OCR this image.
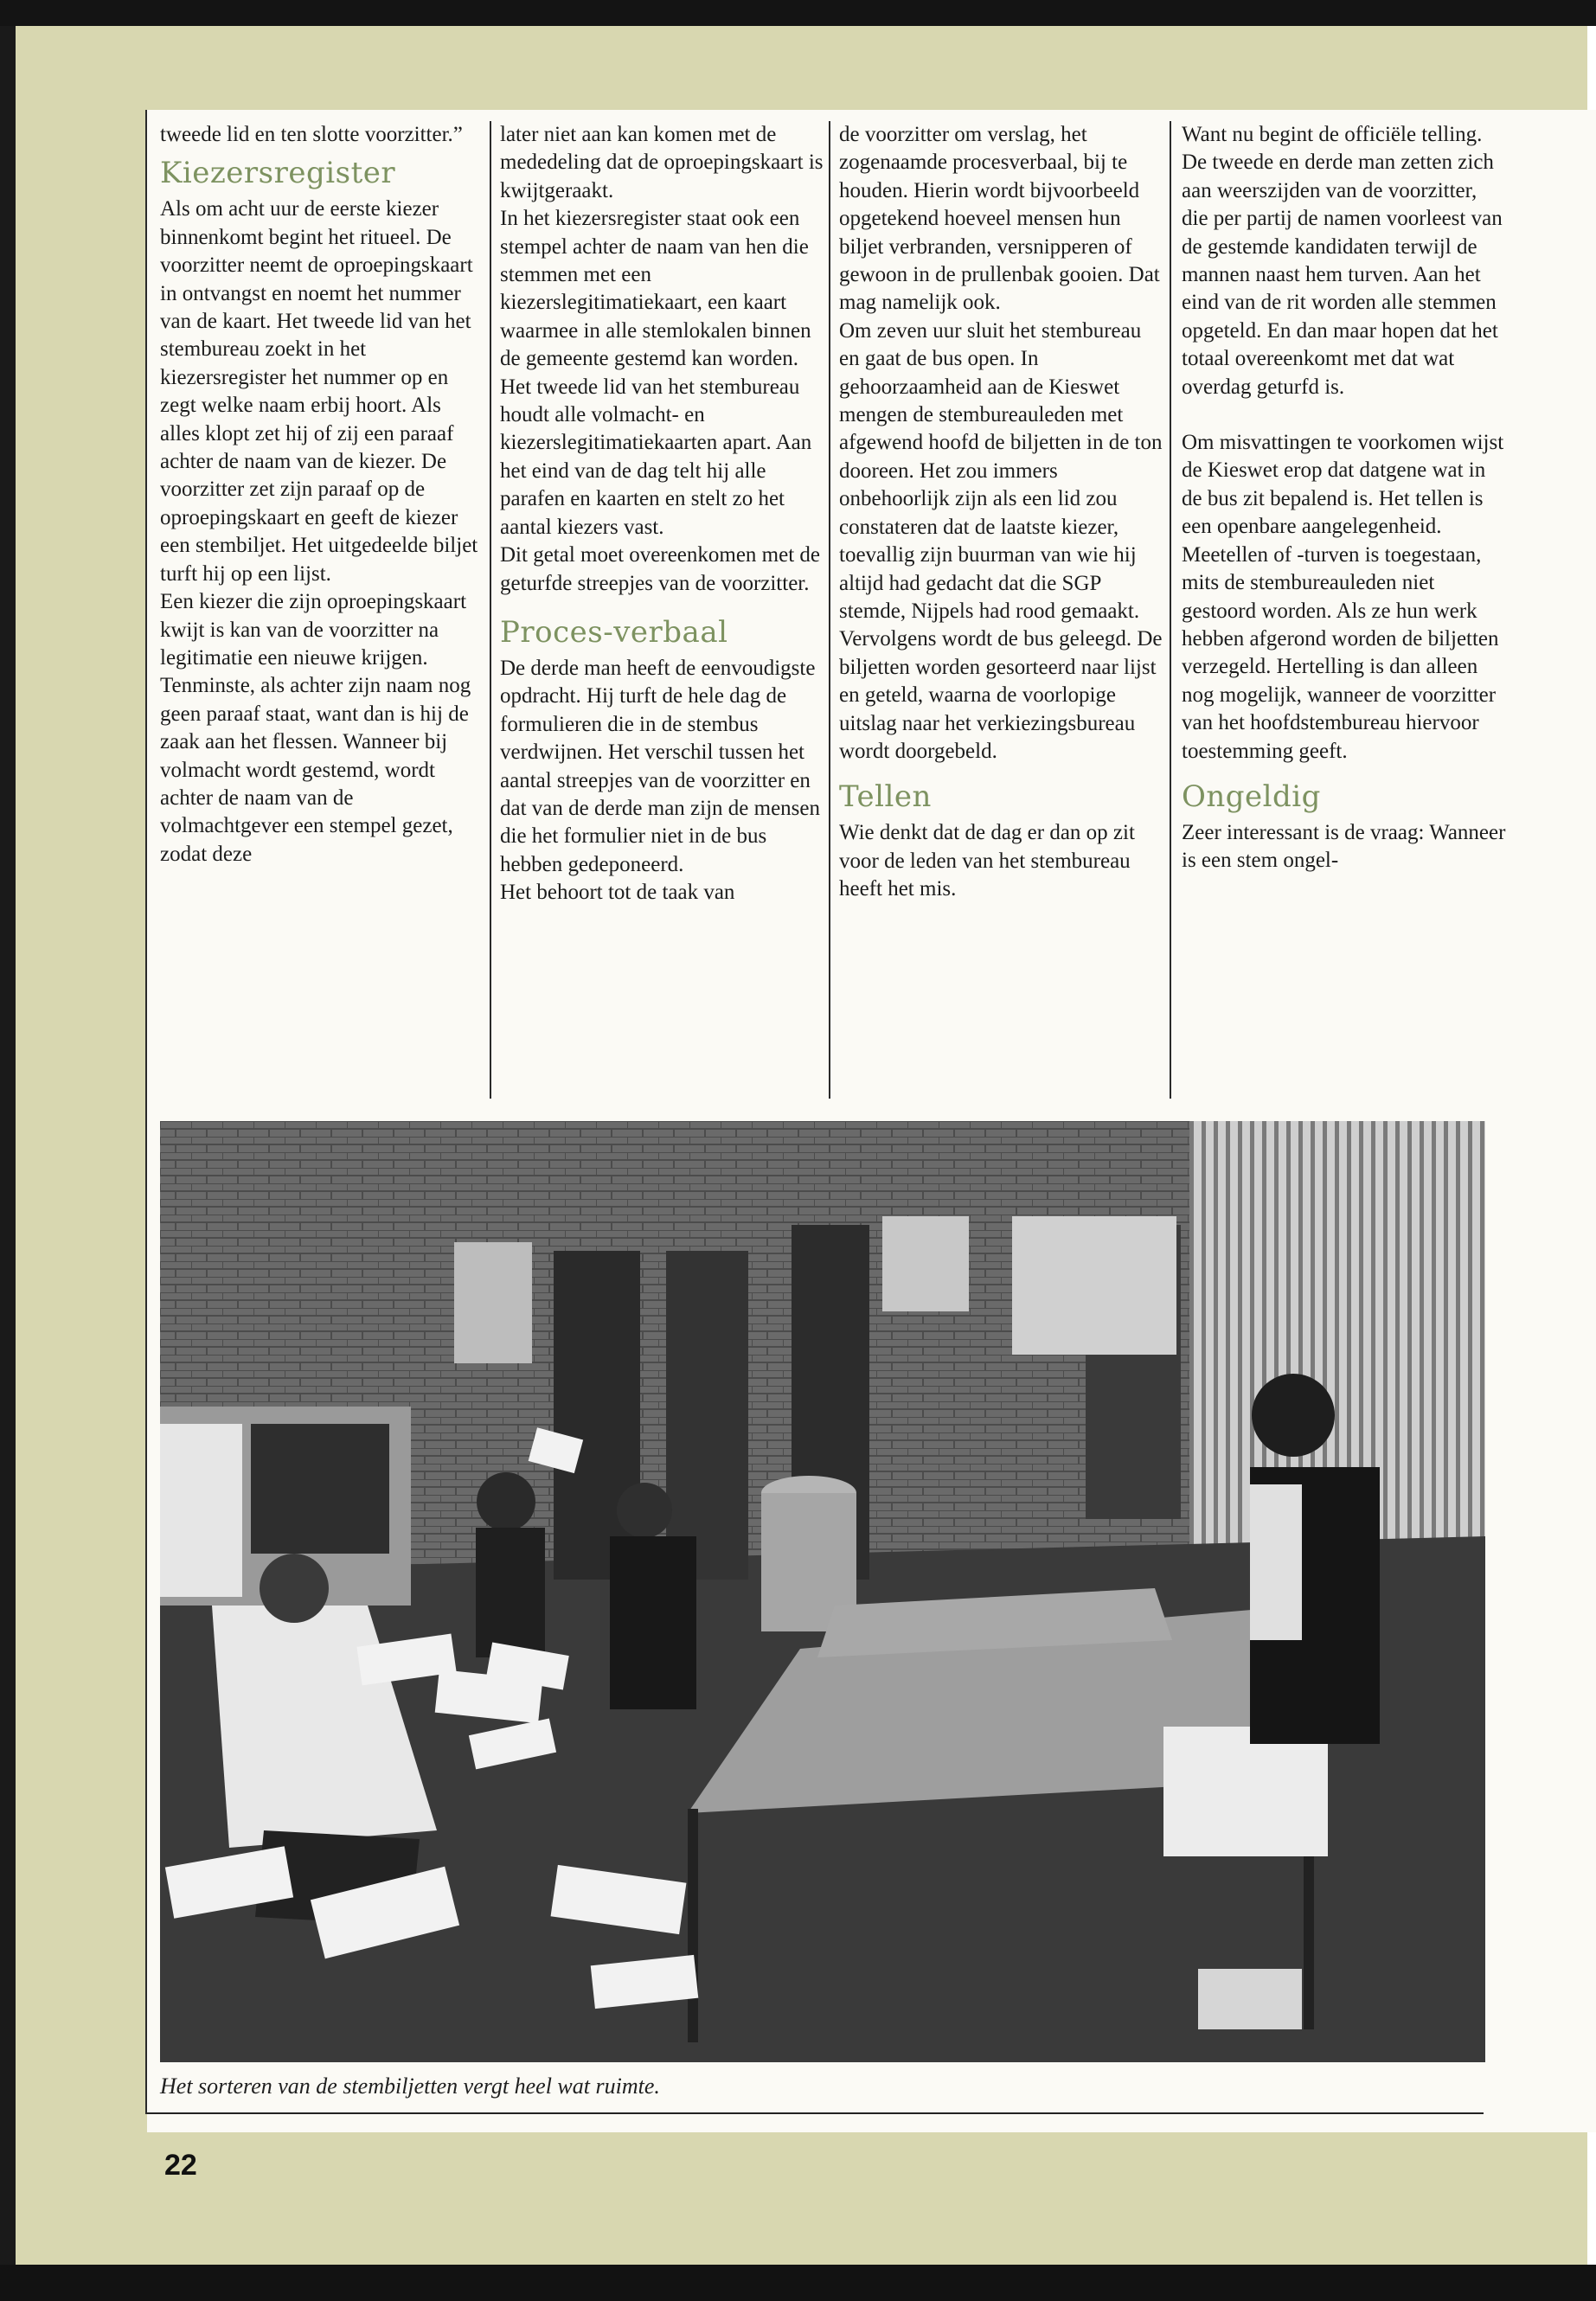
tweede lid en ten slotte voorzitter.”

Kiezersregister

Als om acht uur de eerste kiezer binnenkomt begint het ritueel. De voorzitter neemt de oproepingskaart in ontvangst en noemt het nummer van de kaart. Het tweede lid van het stembureau zoekt in het kiezersregister het nummer op en zegt welke naam erbij hoort. Als alles klopt zet hij of zij een paraaf achter de naam van de kiezer. De voorzitter zet zijn paraaf op de oproepingskaart en geeft de kiezer een stembiljet. Het uitgedeelde biljet turft hij op een lijst.

Een kiezer die zijn oproepingskaart kwijt is kan van de voorzitter na legitimatie een nieuwe krijgen. Tenminste, als achter zijn naam nog geen paraaf staat, want dan is hij de zaak aan het flessen. Wanneer bij volmacht wordt gestemd, wordt achter de naam van de volmachtgever een stempel gezet, zodat deze

later niet aan kan komen met de mededeling dat de oproepingskaart is kwijtgeraakt.

In het kiezersregister staat ook een stempel achter de naam van hen die stemmen met een kiezerslegitimatiekaart, een kaart waarmee in alle stemlokalen binnen de gemeente gestemd kan worden. Het tweede lid van het stembureau houdt alle volmacht- en kiezerslegitimatiekaarten apart. Aan het eind van de dag telt hij alle parafen en kaarten en stelt zo het aantal kiezers vast.

Dit getal moet overeenkomen met de geturfde streepjes van de voorzitter.

Proces-verbaal

De derde man heeft de eenvoudigste opdracht. Hij turft de hele dag de formulieren die in de stembus verdwijnen. Het verschil tussen het aantal streepjes van de voorzitter en dat van de derde man zijn de mensen die het formulier niet in de bus hebben gedeponeerd.

Het behoort tot de taak van

de voorzitter om verslag, het zogenaamde procesverbaal, bij te houden. Hierin wordt bijvoorbeeld opgetekend hoeveel mensen hun biljet verbranden, versnipperen of gewoon in de prullenbak gooien. Dat mag namelijk ook.

Om zeven uur sluit het stembureau en gaat de bus open. In gehoorzaamheid aan de Kieswet mengen de stembureauleden met afgewend hoofd de biljetten in de ton dooreen. Het zou immers onbehoorlijk zijn als een lid zou constateren dat de laatste kiezer, toevallig zijn buurman van wie hij altijd had gedacht dat die SGP stemde, Nijpels had rood gemaakt. Vervolgens wordt de bus geleegd. De biljetten worden gesorteerd naar lijst en geteld, waarna de voorlopige uitslag naar het verkiezingsbureau wordt doorgebeld.

Tellen

Wie denkt dat de dag er dan op zit voor de leden van het stembureau heeft het mis.

Want nu begint de officiële telling. De tweede en derde man zetten zich aan weerszijden van de voorzitter, die per partij de namen voorleest van de gestemde kandidaten terwijl de mannen naast hem turven. Aan het eind van de rit worden alle stemmen opgeteld. En dan maar hopen dat het totaal overeenkomt met dat wat overdag geturfd is.

Om misvattingen te voorkomen wijst de Kieswet erop dat datgene wat in de bus zit bepalend is. Het tellen is een openbare aangelegenheid. Meetellen of -turven is toegestaan, mits de stembureauleden niet gestoord worden. Als ze hun werk hebben afgerond worden de biljetten verzegeld. Hertelling is dan alleen nog mogelijk, wanneer de voorzitter van het hoofdstembureau hiervoor toestemming geeft.

Ongeldig

Zeer interessant is de vraag: Wanneer is een stem ongel-

Het sorteren van de stembiljetten vergt heel wat ruimte.
22
